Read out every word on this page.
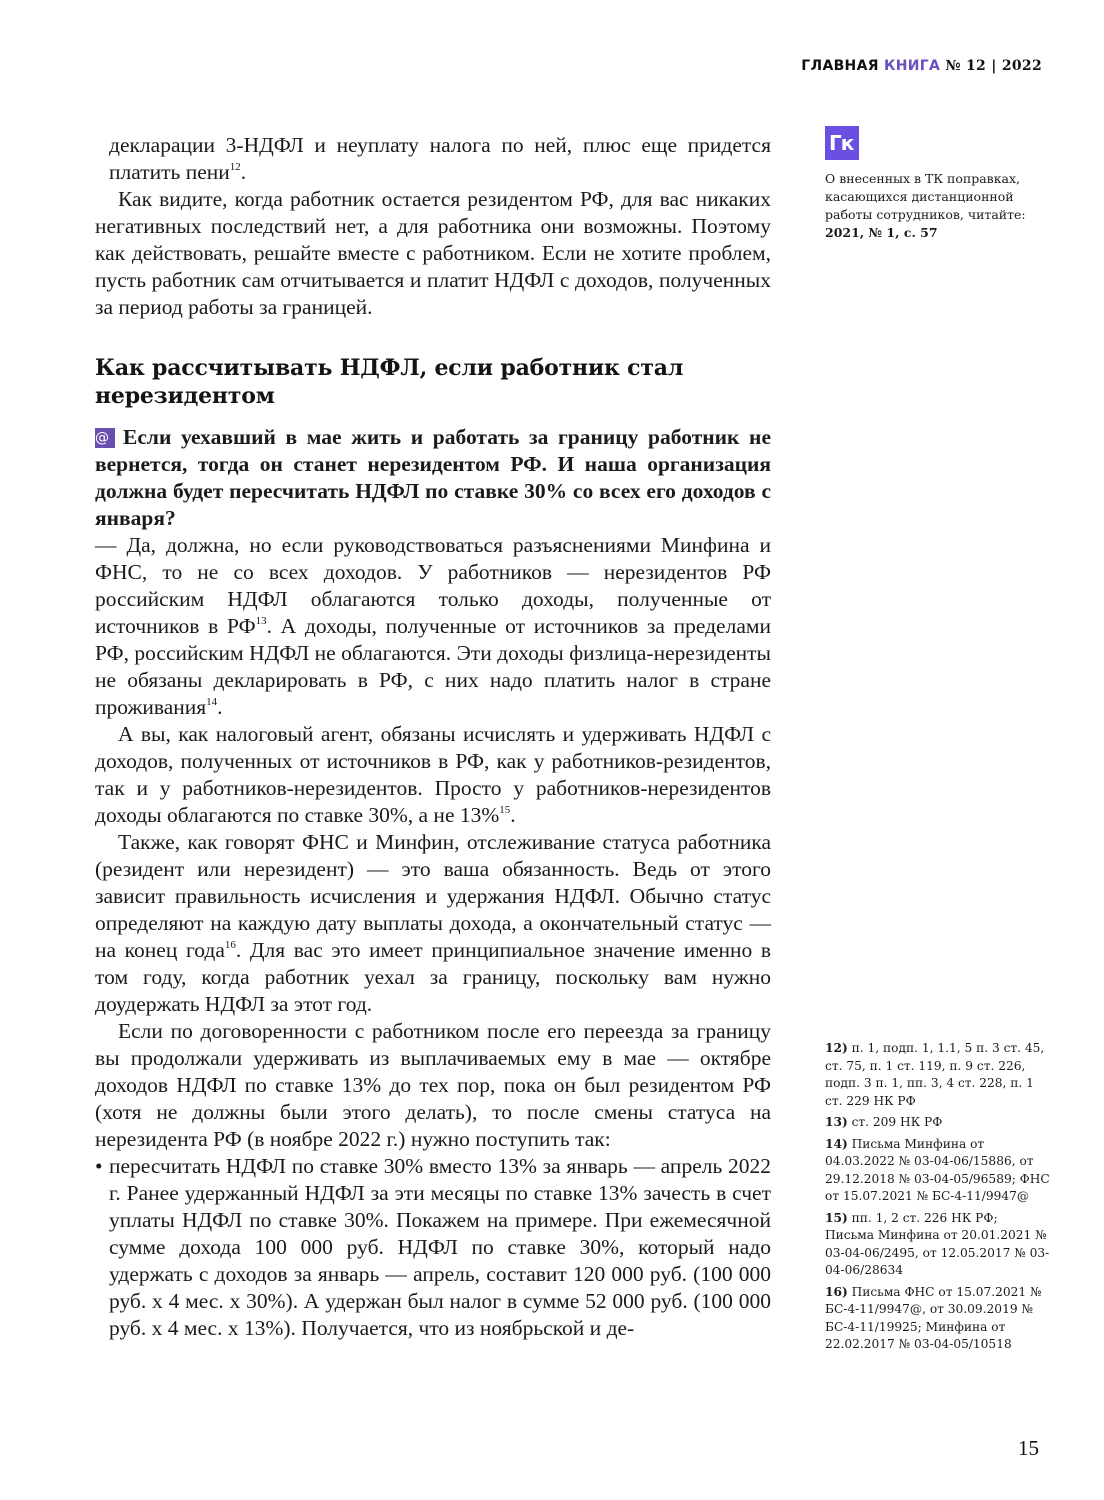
ГЛАВНАЯ КНИГА № 12 | 2022

декларации 3-НДФЛ и неуплату налога по ней, плюс еще придется платить пени$^{12}$.

Как видите, когда работник остается резидентом РФ, для вас никаких негативных последствий нет, а для работника они возможны. Поэтому как действовать, решайте вместе с работником. Если не хотите проблем, пусть работник сам отчитывается и платит НДФЛ с доходов, полученных за период работы за границей.

Как рассчитывать НДФЛ, если работник стал нерезидентом
@ Если уехавший в мае жить и работать за границу работник не вернется, тогда он станет нерезидентом РФ. И наша организация должна будет пересчитать НДФЛ по ставке 30% со всех его доходов с января?

— Да, должна, но если руководствоваться разъяснениями Минфина и ФНС, то не со всех доходов. У работников — нерезидентов РФ российским НДФЛ облагаются только доходы, полученные от источников в РФ$^{13}$. А доходы, полученные от источников за пределами РФ, российским НДФЛ не облагаются. Эти доходы физлица-нерезиденты не обязаны декларировать в РФ, с них надо платить налог в стране проживания$^{14}$.

А вы, как налоговый агент, обязаны исчислять и удерживать НДФЛ с доходов, полученных от источников в РФ, как у работников-резидентов, так и у работников-нерезидентов. Просто у работников-нерезидентов доходы облагаются по ставке 30%, а не 13%$^{15}$.

Также, как говорят ФНС и Минфин, отслеживание статуса работника (резидент или нерезидент) — это ваша обязанность. Ведь от этого зависит правильность исчисления и удержания НДФЛ. Обычно статус определяют на каждую дату выплаты дохода, а окончательный статус — на конец года$^{16}$. Для вас это имеет принципиальное значение именно в том году, когда работник уехал за границу, поскольку вам нужно доудержать НДФЛ за этот год.

Если по договоренности с работником после его переезда за границу вы продолжали удерживать из выплачиваемых ему в мае — октябре доходов НДФЛ по ставке 13% до тех пор, пока он был резидентом РФ (хотя не должны были этого делать), то после смены статуса на нерезидента РФ (в ноябре 2022 г.) нужно поступить так:

• пересчитать НДФЛ по ставке 30% вместо 13% за январь — апрель 2022 г. Ранее удержанный НДФЛ за эти месяцы по ставке 13% зачесть в счет уплаты НДФЛ по ставке 30%. Покажем на примере. При ежемесячной сумме дохода 100 000 руб. НДФЛ по ставке 30%, который надо удержать с доходов за январь — апрель, составит 120 000 руб. (100 000 руб. х 4 мес. х 30%). А удержан был налог в сумме 52 000 руб. (100 000 руб. х 4 мес. х 13%). Получается, что из ноябрьской и де-
Гк
О внесенных в ТК поправках, касающихся дистанционной работы сотрудников, читайте:
2021, № 1, с. 57
12) п. 1, подп. 1, 1.1, 5 п. 3 ст. 45, ст. 75, п. 1 ст. 119, п. 9 ст. 226, подп. 3 п. 1, пп. 3, 4 ст. 228, п. 1 ст. 229 НК РФ
13) ст. 209 НК РФ
14) Письма Минфина от 04.03.2022 № 03-04-06/15886, от 29.12.2018 № 03-04-05/96589; ФНС от 15.07.2021 № БС-4-11/9947@
15) пп. 1, 2 ст. 226 НК РФ; Письма Минфина от 20.01.2021 № 03-04-06/2495, от 12.05.2017 № 03-04-06/28634
16) Письма ФНС от 15.07.2021 № БС-4-11/9947@, от 30.09.2019 № БС-4-11/19925; Минфина от 22.02.2017 № 03-04-05/10518
15
